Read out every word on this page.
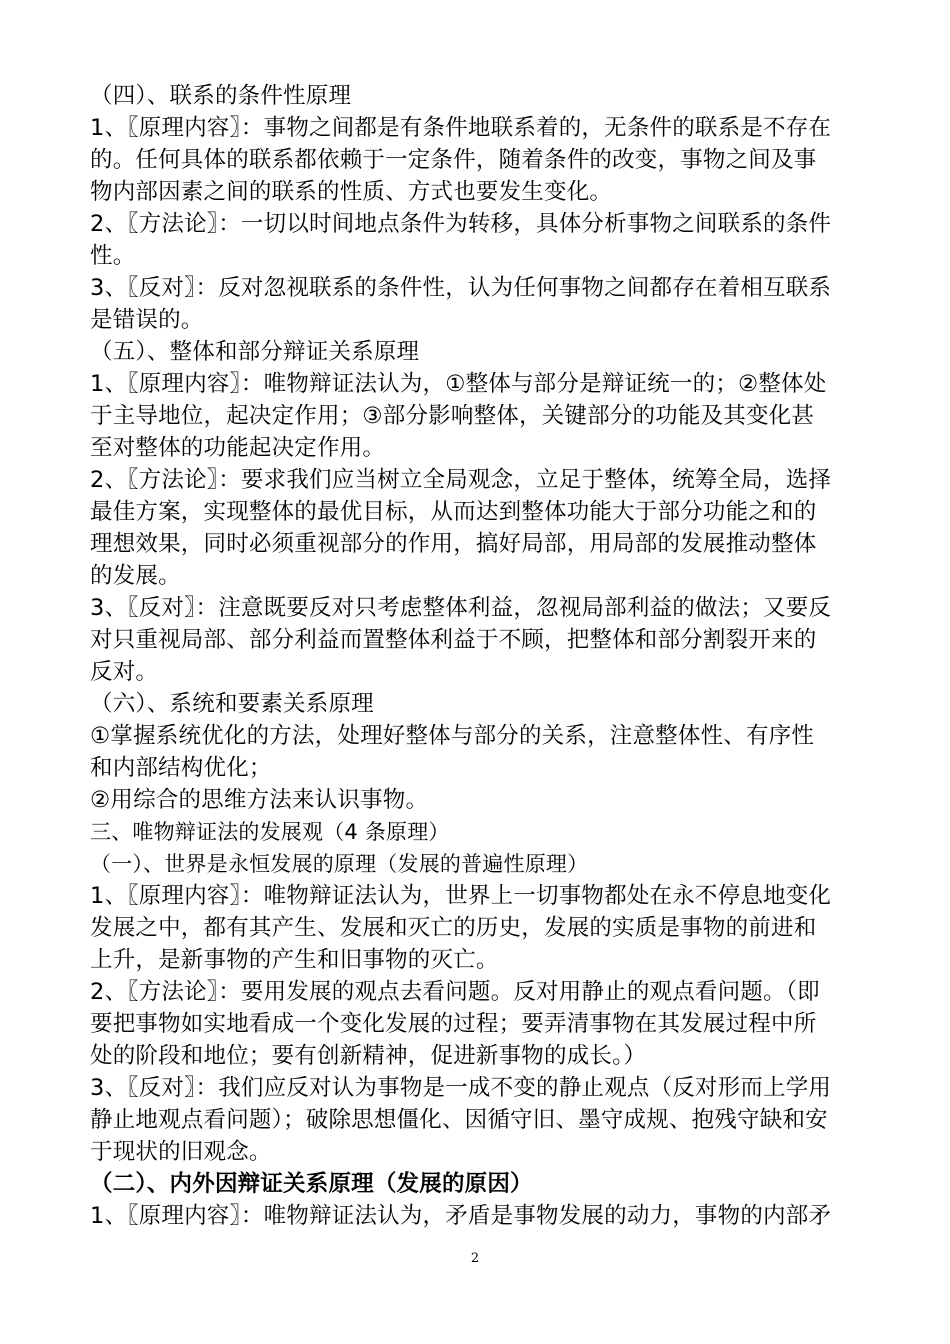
（四）、联系的条件性原理
1、〖原理内容〗：事物之间都是有条件地联系着的，无条件的联系是不存在
的。任何具体的联系都依赖于一定条件，随着条件的改变，事物之间及事
物内部因素之间的联系的性质、方式也要发生变化。
2、〖方法论〗：一切以时间地点条件为转移，具体分析事物之间联系的条件
性。
3、〖反对〗：反对忽视联系的条件性，认为任何事物之间都存在着相互联系
是错误的。
（五）、整体和部分辩证关系原理
1、〖原理内容〗：唯物辩证法认为，①整体与部分是辩证统一的；②整体处
于主导地位，起决定作用；③部分影响整体，关键部分的功能及其变化甚
至对整体的功能起决定作用。
2、〖方法论〗：要求我们应当树立全局观念，立足于整体，统筹全局，选择
最佳方案，实现整体的最优目标，从而达到整体功能大于部分功能之和的
理想效果，同时必须重视部分的作用，搞好局部，用局部的发展推动整体
的发展。
3、〖反对〗：注意既要反对只考虑整体利益，忽视局部利益的做法；又要反
对只重视局部、部分利益而置整体利益于不顾，把整体和部分割裂开来的
反对。
（六）、系统和要素关系原理
①掌握系统优化的方法，处理好整体与部分的关系，注意整体性、有序性
和内部结构优化；
②用综合的思维方法来认识事物。
三、唯物辩证法的发展观（4 条原理）
（一）、世界是永恒发展的原理（发展的普遍性原理）
1、〖原理内容〗：唯物辩证法认为，世界上一切事物都处在永不停息地变化
发展之中，都有其产生、发展和灭亡的历史，发展的实质是事物的前进和
上升，是新事物的产生和旧事物的灭亡。
2、〖方法论〗：要用发展的观点去看问题。反对用静止的观点看问题。（即
要把事物如实地看成一个变化发展的过程；要弄清事物在其发展过程中所
处的阶段和地位；要有创新精神，促进新事物的成长。）
3、〖反对〗：我们应反对认为事物是一成不变的静止观点（反对形而上学用
静止地观点看问题）；破除思想僵化、因循守旧、墨守成规、抱残守缺和安
于现状的旧观念。
（二）、内外因辩证关系原理（发展的原因）
1、〖原理内容〗：唯物辩证法认为，矛盾是事物发展的动力，事物的内部矛
2
